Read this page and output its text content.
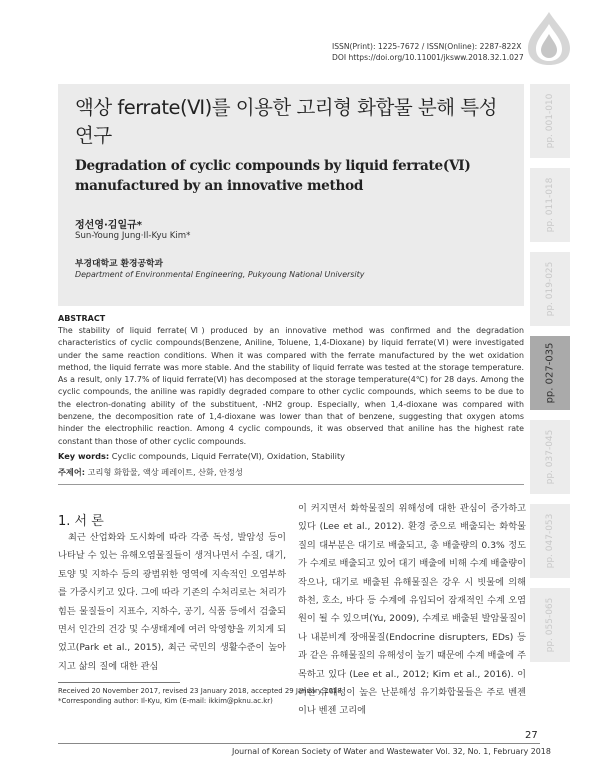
ISSN(Print): 1225-7672 / ISSN(Online): 2287-822X
DOI https://doi.org/10.11001/jksww.2018.32.1.027
액상 ferrate(Ⅵ)를 이용한 고리형 화합물 분해 특성 연구
Degradation of cyclic compounds by liquid ferrate(Ⅵ) manufactured by an innovative method
정선영·김일규*
Sun-Young Jung·Il-Kyu Kim*
부경대학교 환경공학과
Department of Environmental Engineering, Pukyoung National University
pp. 001-010
pp. 011-018
pp. 019-025
pp. 027-035
pp. 037-045
pp. 047-053
pp. 055-065
ABSTRACT
The stability of liquid ferrate(Ⅵ) produced by an innovative method was confirmed and the degradation characteristics of cyclic compounds(Benzene, Aniline, Toluene, 1,4-Dioxane) by liquid ferrate(Ⅵ) were investigated under the same reaction conditions. When it was compared with the ferrate manufactured by the wet oxidation method, the liquid ferrate was more stable. And the stability of liquid ferrate was tested at the storage temperature. As a result, only 17.7% of liquid ferrate(Ⅵ) has decomposed at the storage temperature(4℃) for 28 days. Among the cyclic compounds, the aniline was rapidly degraded compare to other cyclic compounds, which seems to be due to the electron-donating ability of the substituent, -NH2 group. Especially, when 1,4-dioxane was compared with benzene, the decomposition rate of 1,4-dioxane was lower than that of benzene, suggesting that oxygen atoms hinder the electrophilic reaction. Among 4 cyclic compounds, it was observed that aniline has the highest rate constant than those of other cyclic compounds.
Key words: Cyclic compounds, Liquid Ferrate(Ⅵ), Oxidation, Stability
주제어: 고리형 화합물, 액상 페레이트, 산화, 안정성
1. 서 론
최근 산업화와 도시화에 따라 각종 독성, 발암성 등이 나타날 수 있는 유해오염물질들이 생겨나면서 수질, 대기, 토양 및 지하수 등의 광범위한 영역에 지속적인 오염부하를 가중시키고 있다. 그에 따라 기존의 수처리로는 처리가 힘든 물질들이 지표수, 지하수, 공기, 식품 등에서 검출되면서 인간의 건강 및 수생태계에 여러 악영향을 끼치게 되었고(Park et al., 2015), 최근 국민의 생활수준이 높아지고 삶의 질에 대한 관심
이 커지면서 화학물질의 위해성에 대한 관심이 증가하고 있다 (Lee et al., 2012). 환경 중으로 배출되는 화학물질의 대부분은 대기로 배출되고, 총 배출량의 0.3% 정도가 수계로 배출되고 있어 대기 배출에 비해 수계 배출량이 작으나, 대기로 배출된 유해물질은 강우 시 빗물에 의해 하천, 호소, 바다 등 수계에 유입되어 잠재적인 수계 오염원이 될 수 있으며(Yu, 2009), 수계로 배출된 발암물질이나 내분비계 장애물질(Endocrine disrupters, EDs) 등과 같은 유해물질의 유해성이 높기 때문에 수계 배출에 주목하고 있다 (Lee et al., 2012; Kim et al., 2016). 이러한 유해성이 높은 난분해성 유기화합물들은 주로 벤젠이나 벤젠 고리에
Received 20 November 2017, revised 23 January 2018, accepted 29 January 2018
*Corresponding author: Il-Kyu, Kim (E-mail: ikkim@pknu.ac.kr)
27
Journal of Korean Society of Water and Wastewater Vol. 32, No. 1, February 2018
